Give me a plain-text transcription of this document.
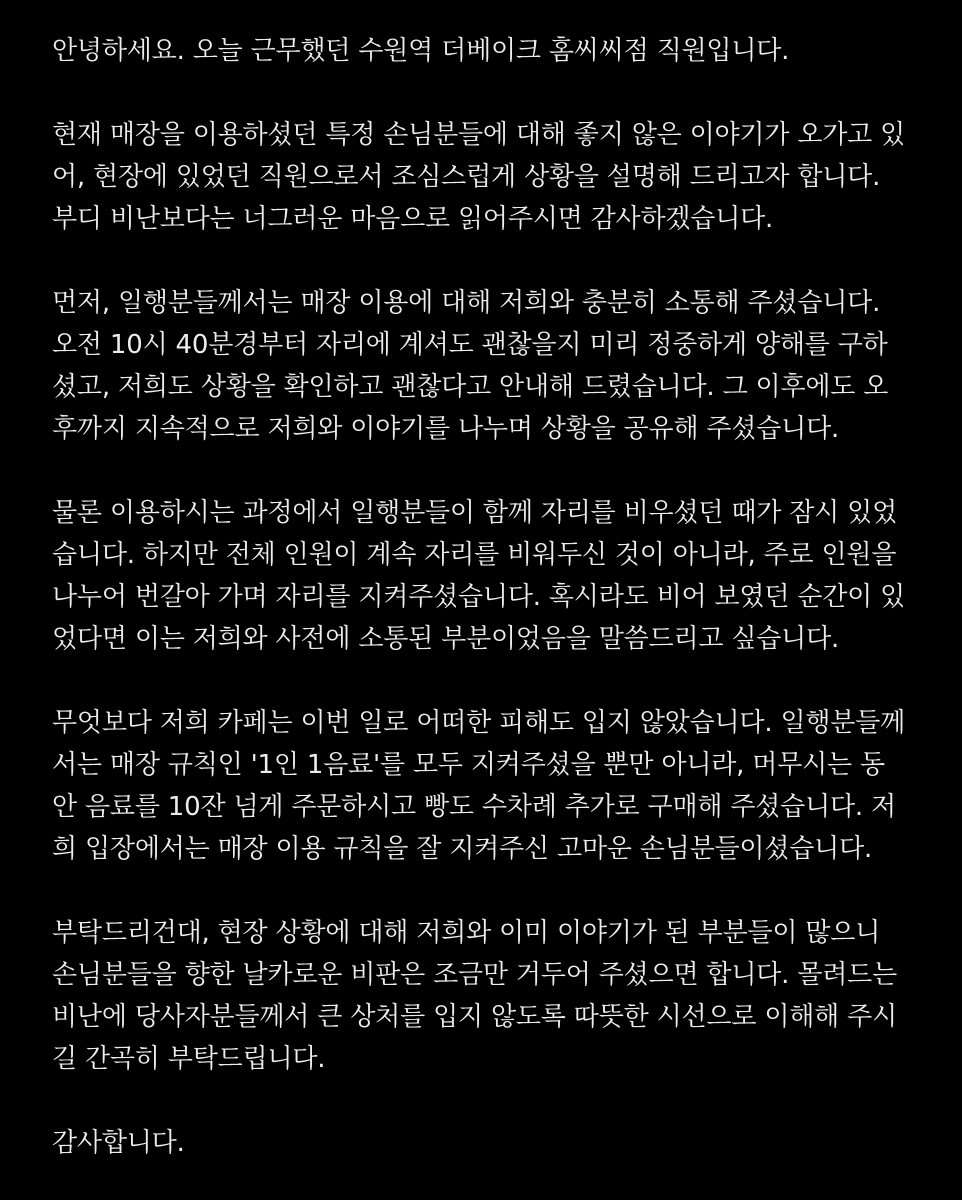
안녕하세요. 오늘 근무했던 수원역 더베이크 홈씨씨점 직원입니다.

현재 매장을 이용하셨던 특정 손님분들에 대해 좋지 않은 이야기가 오가고 있
어, 현장에 있었던 직원으로서 조심스럽게 상황을 설명해 드리고자 합니다.
부디 비난보다는 너그러운 마음으로 읽어주시면 감사하겠습니다.

먼저, 일행분들께서는 매장 이용에 대해 저희와 충분히 소통해 주셨습니다.
오전 10시 40분경부터 자리에 계셔도 괜찮을지 미리 정중하게 양해를 구하
셨고, 저희도 상황을 확인하고 괜찮다고 안내해 드렸습니다. 그 이후에도 오
후까지 지속적으로 저희와 이야기를 나누며 상황을 공유해 주셨습니다.

물론 이용하시는 과정에서 일행분들이 함께 자리를 비우셨던 때가 잠시 있었
습니다. 하지만 전체 인원이 계속 자리를 비워두신 것이 아니라, 주로 인원을
나누어 번갈아 가며 자리를 지켜주셨습니다. 혹시라도 비어 보였던 순간이 있
었다면 이는 저희와 사전에 소통된 부분이었음을 말씀드리고 싶습니다.

무엇보다 저희 카페는 이번 일로 어떠한 피해도 입지 않았습니다. 일행분들께
서는 매장 규칙인 '1인 1음료'를 모두 지켜주셨을 뿐만 아니라, 머무시는 동
안 음료를 10잔 넘게 주문하시고 빵도 수차례 추가로 구매해 주셨습니다. 저
희 입장에서는 매장 이용 규칙을 잘 지켜주신 고마운 손님분들이셨습니다.

부탁드리건대, 현장 상황에 대해 저희와 이미 이야기가 된 부분들이 많으니
손님분들을 향한 날카로운 비판은 조금만 거두어 주셨으면 합니다. 몰려드는
비난에 당사자분들께서 큰 상처를 입지 않도록 따뜻한 시선으로 이해해 주시
길 간곡히 부탁드립니다.

감사합니다.
